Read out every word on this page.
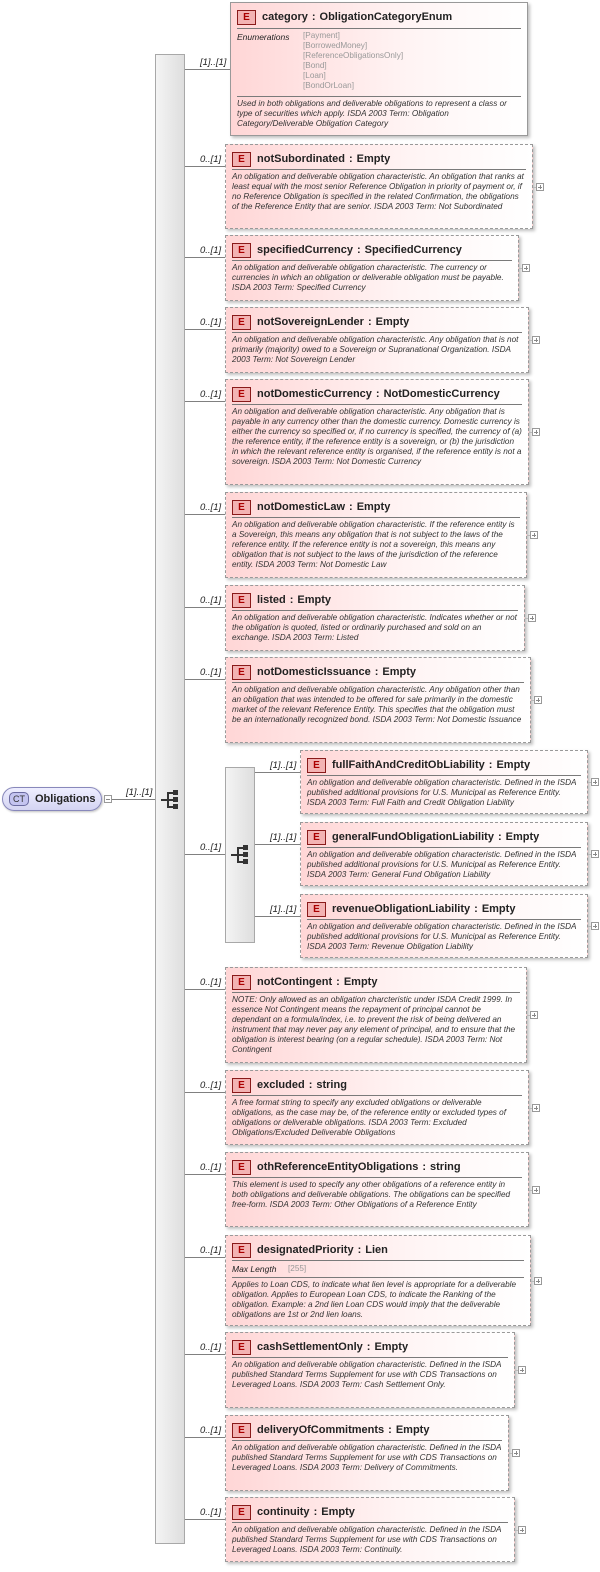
CT Obligations
[1]..[1]
[1]..[1]
E	category : ObligationCategoryEnum
Enumerations [Payment]
[BorrowedMoney]
[ReferenceObligationsOnly]
[Bond]
[Loan]
[BondOrLoan]
Used in both obligations and deliverable obligations to represent a class or type of securities which apply. ISDA 2003 Term: Obligation Category/Deliverable Obligation Category
0..[1]	E	notSubordinated : Empty
An obligation and deliverable obligation characteristic. An obligation that ranks at least equal with the most senior Reference Obligation in priority of payment or, if no Reference Obligation is specified in the related Confirmation, the obligations of the Reference Entity that are senior. ISDA 2003 Term: Not Subordinated
0..[1]	E	specifiedCurrency : SpecifiedCurrency
An obligation and deliverable obligation characteristic. The currency or currencies in which an obligation or deliverable obligation must be payable. ISDA 2003 Term: Specified Currency
0..[1]	E	notSovereignLender : Empty
An obligation and deliverable obligation characteristic. Any obligation that is not primarily (majority) owed to a Sovereign or Supranational Organization. ISDA 2003 Term: Not Sovereign Lender
0..[1]	E	notDomesticCurrency : NotDomesticCurrency
An obligation and deliverable obligation characteristic. Any obligation that is payable in any currency other than the domestic currency. Domestic currency is either the currency so specified or, if no currency is specified, the currency of (a) the reference entity, if the reference entity is a sovereign, or (b) the jurisdiction in which the relevant reference entity is organised, if the reference entity is not a sovereign. ISDA 2003 Term: Not Domestic Currency
0..[1]	E	notDomesticLaw : Empty
An obligation and deliverable obligation characteristic. If the reference entity is a Sovereign, this means any obligation that is not subject to the laws of the reference entity. If the reference entity is not a sovereign, this means any obligation that is not subject to the laws of the jurisdiction of the reference entity. ISDA 2003 Term: Not Domestic Law
0..[1]	E	listed : Empty
An obligation and deliverable obligation characteristic. Indicates whether or not the obligation is quoted, listed or ordinarily purchased and sold on an exchange. ISDA 2003 Term: Listed
0..[1]	E	notDomesticIssuance : Empty
An obligation and deliverable obligation characteristic. Any obligation other than an obligation that was intended to be offered for sale primarily in the domestic market of the relevant Reference Entity. This specifies that the obligation must be an internationally recognized bond. ISDA 2003 Term: Not Domestic Issuance
[1]..[1]	E	fullFaithAndCreditObLiability : Empty
An obligation and deliverable obligation characteristic. Defined in the ISDA published additional provisions for U.S. Municipal as Reference Entity. ISDA 2003 Term: Full Faith and Credit Obligation Liability
[1]..[1]	E	generalFundObligationLiability : Empty
An obligation and deliverable obligation characteristic. Defined in the ISDA published additional provisions for U.S. Municipal as Reference Entity. ISDA 2003 Term: General Fund Obligation Liability
[1]..[1]	E	revenueObligationLiability : Empty
An obligation and deliverable obligation characteristic. Defined in the ISDA published additional provisions for U.S. Municipal as Reference Entity. ISDA 2003 Term: Revenue Obligation Liability
0..[1]	E	notContingent : Empty
NOTE: Only allowed as an obligation charcteristic under ISDA Credit 1999. In essence Not Contingent means the repayment of principal cannot be dependant on a formula/index, i.e. to prevent the risk of being delivered an instrument that may never pay any element of principal, and to ensure that the obligation is interest bearing (on a regular schedule). ISDA 2003 Term: Not Contingent
0..[1]	E	excluded : string
A free format string to specify any excluded obligations or deliverable obligations, as the case may be, of the reference entity or excluded types of obligations or deliverable obligations. ISDA 2003 Term: Excluded Obligations/Excluded Deliverable Obligations
0..[1]	E	othReferenceEntityObligations : string
This element is used to specify any other obligations of a reference entity in both obligations and deliverable obligations. The obligations can be specified free-form. ISDA 2003 Term: Other Obligations of a Reference Entity
0..[1]	E	designatedPriority : Lien
Max Length [255]
Applies to Loan CDS, to indicate what lien level is appropriate for a deliverable obligation. Applies to European Loan CDS, to indicate the Ranking of the obligation. Example: a 2nd lien Loan CDS would imply that the deliverable obligations are 1st or 2nd lien loans.
0..[1]	E	cashSettlementOnly : Empty
An obligation and deliverable obligation characteristic. Defined in the ISDA published Standard Terms Supplement for use with CDS Transactions on Leveraged Loans. ISDA 2003 Term: Cash Settlement Only.
0..[1]	E	deliveryOfCommitments : Empty
An obligation and deliverable obligation characteristic. Defined in the ISDA published Standard Terms Supplement for use with CDS Transactions on Leveraged Loans. ISDA 2003 Term: Delivery of Commitments.
0..[1]	E	continuity : Empty
An obligation and deliverable obligation characteristic. Defined in the ISDA published Standard Terms Supplement for use with CDS Transactions on Leveraged Loans. ISDA 2003 Term: Continuity.
0..[1]
